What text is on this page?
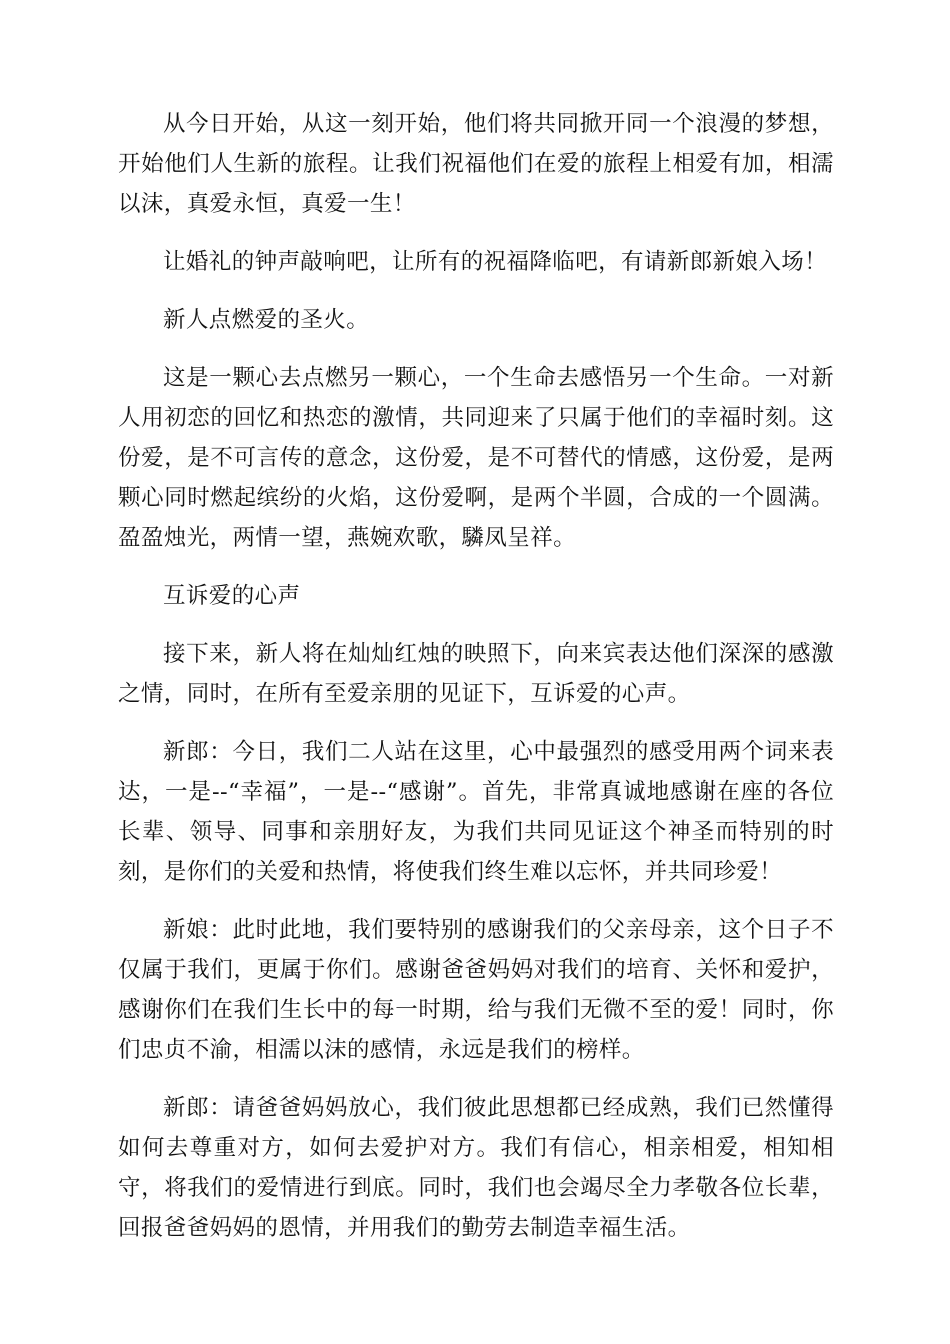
从今日开始，从这一刻开始，他们将共同掀开同一个浪漫的梦想，开始他们人生新的旅程。让我们祝福他们在爱的旅程上相爱有加，相濡以沫，真爱永恒，真爱一生！

让婚礼的钟声敲响吧，让所有的祝福降临吧，有请新郎新娘入场！

新人点燃爱的圣火。

这是一颗心去点燃另一颗心，一个生命去感悟另一个生命。一对新人用初恋的回忆和热恋的激情，共同迎来了只属于他们的幸福时刻。这份爱，是不可言传的意念，这份爱，是不可替代的情感，这份爱，是两颗心同时燃起缤纷的火焰，这份爱啊，是两个半圆，合成的一个圆满。盈盈烛光，两情一望，燕婉欢歌，驎凤呈祥。

互诉爱的心声

接下来，新人将在灿灿红烛的映照下，向来宾表达他们深深的感激之情，同时，在所有至爱亲朋的见证下，互诉爱的心声。

新郎：今日，我们二人站在这里，心中最强烈的感受用两个词来表达，一是--“幸福”，一是--“感谢”。首先，非常真诚地感谢在座的各位长辈、领导、同事和亲朋好友，为我们共同见证这个神圣而特别的时刻，是你们的关爱和热情，将使我们终生难以忘怀，并共同珍爱！

新娘：此时此地，我们要特别的感谢我们的父亲母亲，这个日子不仅属于我们，更属于你们。感谢爸爸妈妈对我们的培育、关怀和爱护，感谢你们在我们生长中的每一时期，给与我们无微不至的爱！同时，你们忠贞不渝，相濡以沫的感情，永远是我们的榜样。

新郎：请爸爸妈妈放心，我们彼此思想都已经成熟，我们已然懂得如何去尊重对方，如何去爱护对方。我们有信心，相亲相爱，相知相守，将我们的爱情进行到底。同时，我们也会竭尽全力孝敬各位长辈，回报爸爸妈妈的恩情，并用我们的勤劳去制造幸福生活。
